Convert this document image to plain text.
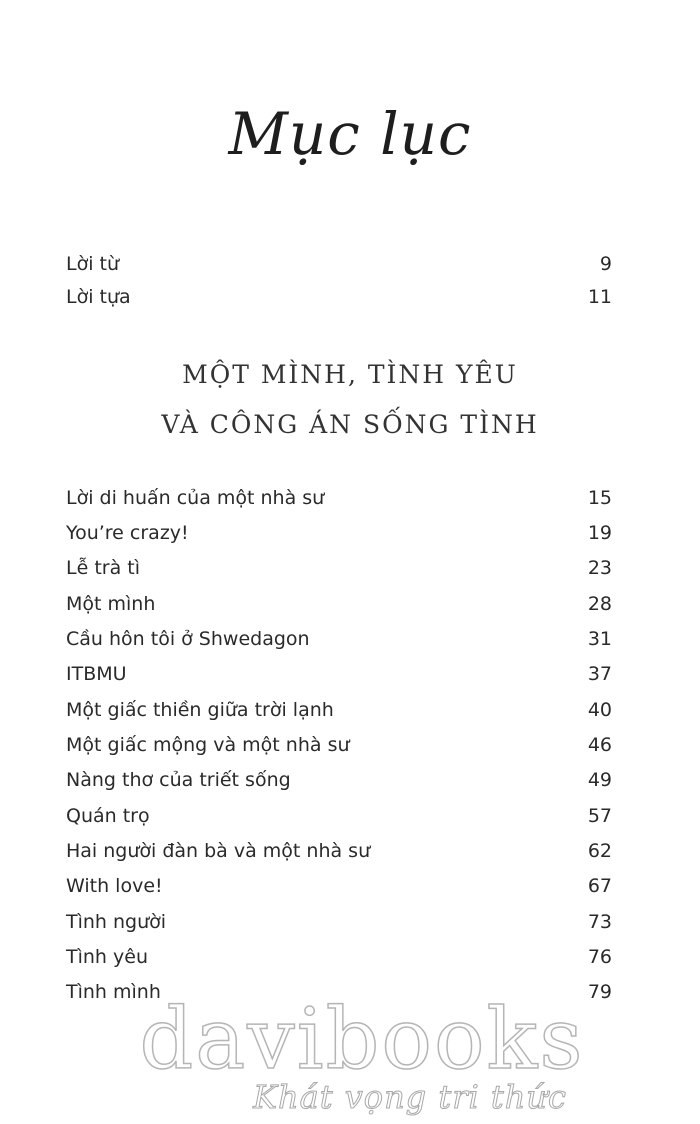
Mục lục
Lời từ	9
Lời tựa	11
MỘT MÌNH, TÌNH YÊU
VÀ CÔNG ÁN SỐNG TÌNH
Lời di huấn của một nhà sư	15
You’re crazy!	19
Lễ trà tì	23
Một mình	28
Cầu hôn tôi ở Shwedagon	31
ITBMU	37
Một giấc thiền giữa trời lạnh	40
Một giấc mộng và một nhà sư	46
Nàng thơ của triết sống	49
Quán trọ	57
Hai người đàn bà và một nhà sư	62
With love!	67
Tình người	73
Tình yêu	76
Tình mình	79
davibooks
Khát vọng tri thức
